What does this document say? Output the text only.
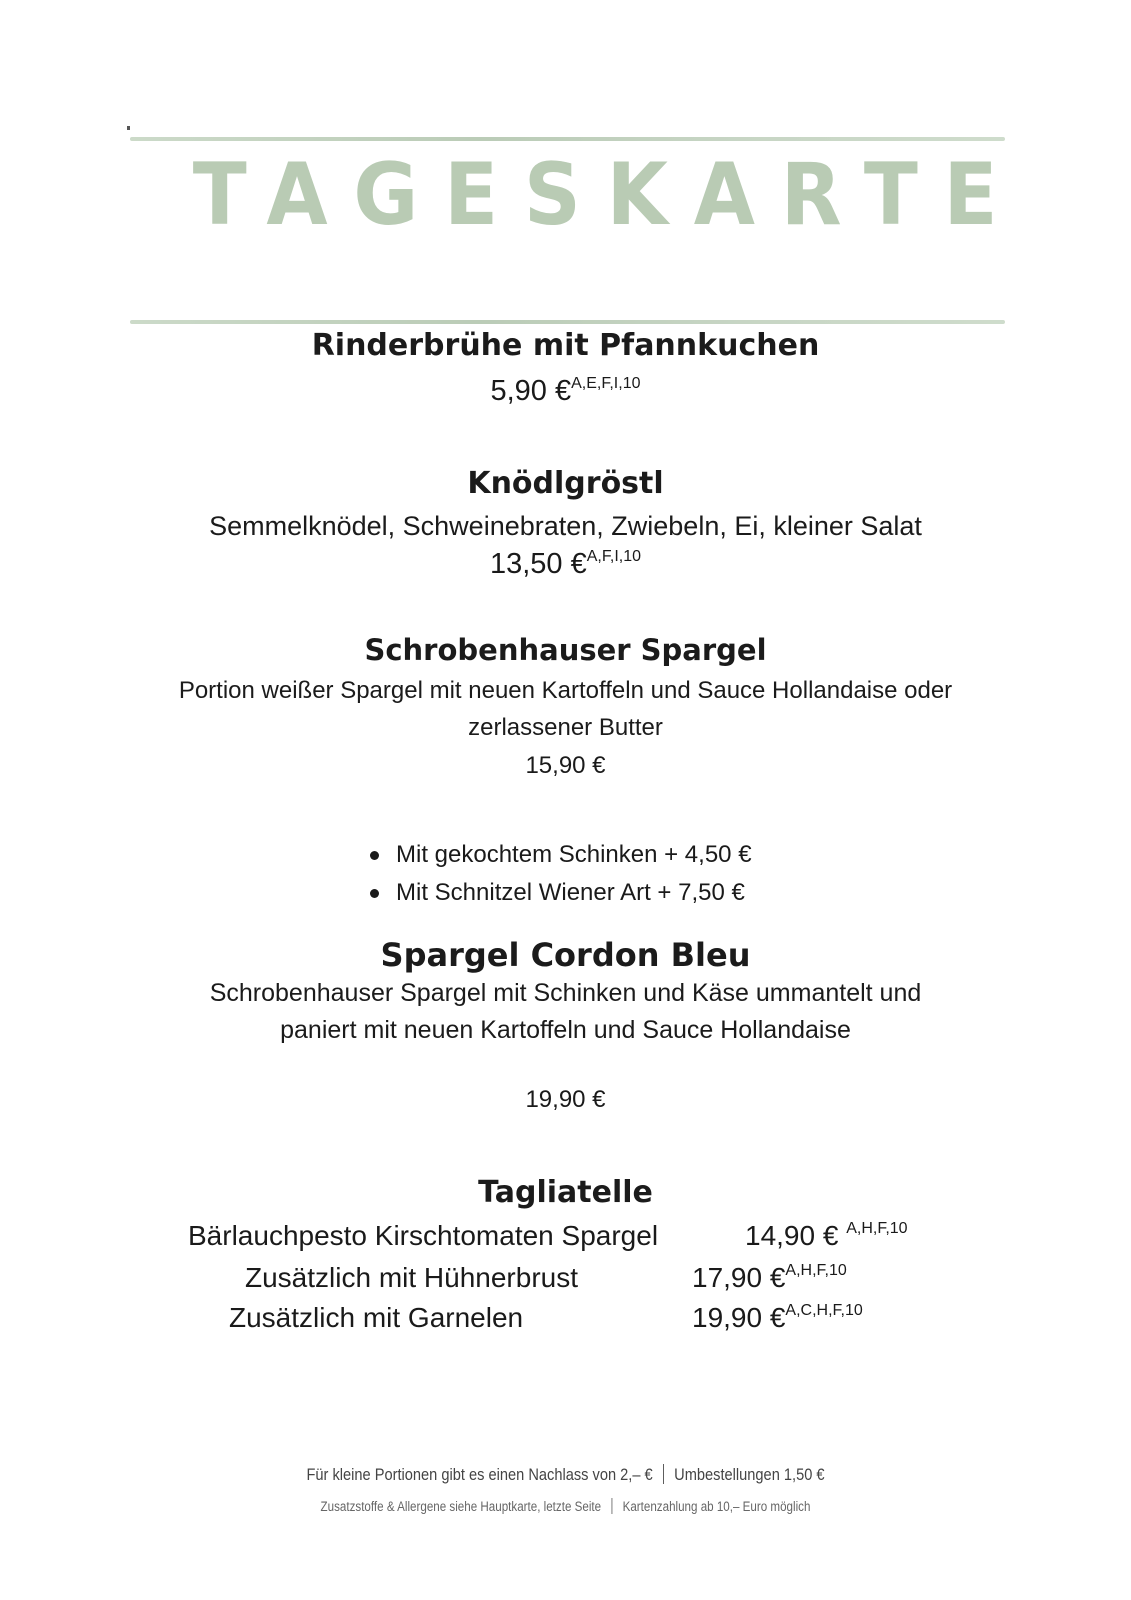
TAGESKARTE

Rinderbrühe mit Pfannkuchen

5,90 €$^{A,E,F,I,10}$

Knödlgröstl

Semmelknödel, Schweinebraten, Zwiebeln, Ei, kleiner Salat

13,50 €$^{A,F,I,10}$

Schrobenhauser Spargel

Portion weißer Spargel mit neuen Kartoffeln und Sauce Hollandaise oder

zerlassener Butter

15,90 €

Mit gekochtem Schinken + 4,50 €
Mit Schnitzel Wiener Art + 7,50 €

Spargel Cordon Bleu

Schrobenhauser Spargel mit Schinken und Käse ummantelt und

paniert mit neuen Kartoffeln und Sauce Hollandaise

19,90 €

Tagliatelle

Bärlauchpesto Kirschtomaten Spargel	14,90 € $^{A,H,F,10}$
Zusätzlich mit Hühnerbrust	17,90 €$^{A,H,F,10}$
Zusätzlich mit Garnelen	19,90 €$^{A,C,H,F,10}$
Für kleine Portionen gibt es einen Nachlass von 2,– € Umbestellungen 1,50 €
Zusatzstoffe & Allergene siehe Hauptkarte, letzte Seite Kartenzahlung ab 10,– Euro möglich
